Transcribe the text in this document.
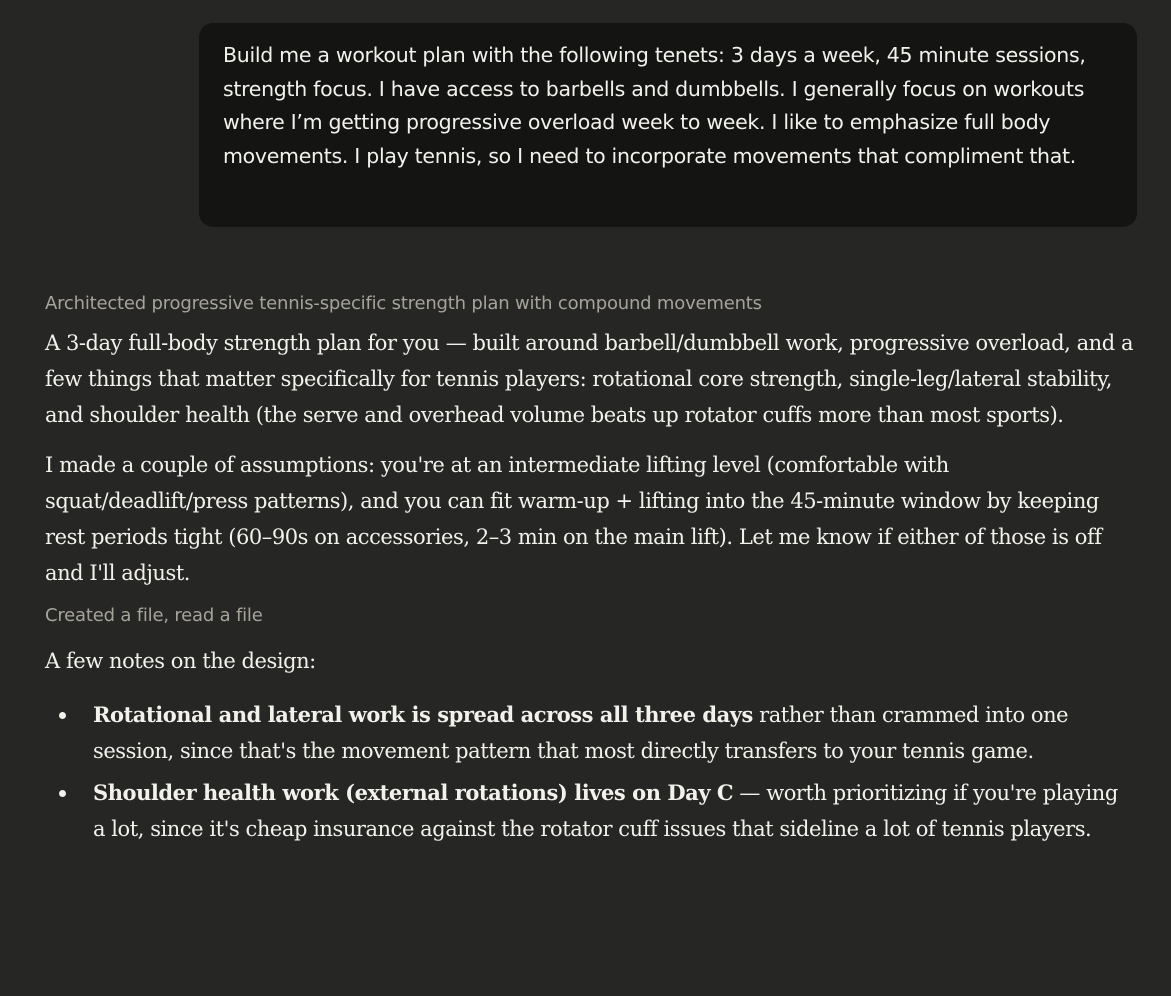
Build me a workout plan with the following tenets: 3 days a week, 45 minute sessions, strength focus. I have access to barbells and dumbbells. I generally focus on workouts where I’m getting progressive overload week to week. I like to emphasize full body movements. I play tennis, so I need to incorporate movements that compliment that.

Architected progressive tennis-specific strength plan with compound movements

A 3-day full-body strength plan for you — built around barbell/dumbbell work, progressive overload, and a few things that matter specifically for tennis players: rotational core strength, single-leg/lateral stability, and shoulder health (the serve and overhead volume beats up rotator cuffs more than most sports).

I made a couple of assumptions: you're at an intermediate lifting level (comfortable with squat/deadlift/press patterns), and you can fit warm-up + lifting into the 45-minute window by keeping rest periods tight (60–90s on accessories, 2–3 min on the main lift). Let me know if either of those is off and I'll adjust.

Created a file, read a file

A few notes on the design:

Rotational and lateral work is spread across all three days rather than crammed into one session, since that's the movement pattern that most directly transfers to your tennis game.
Shoulder health work (external rotations) lives on Day C — worth prioritizing if you're playing a lot, since it's cheap insurance against the rotator cuff issues that sideline a lot of tennis players.
